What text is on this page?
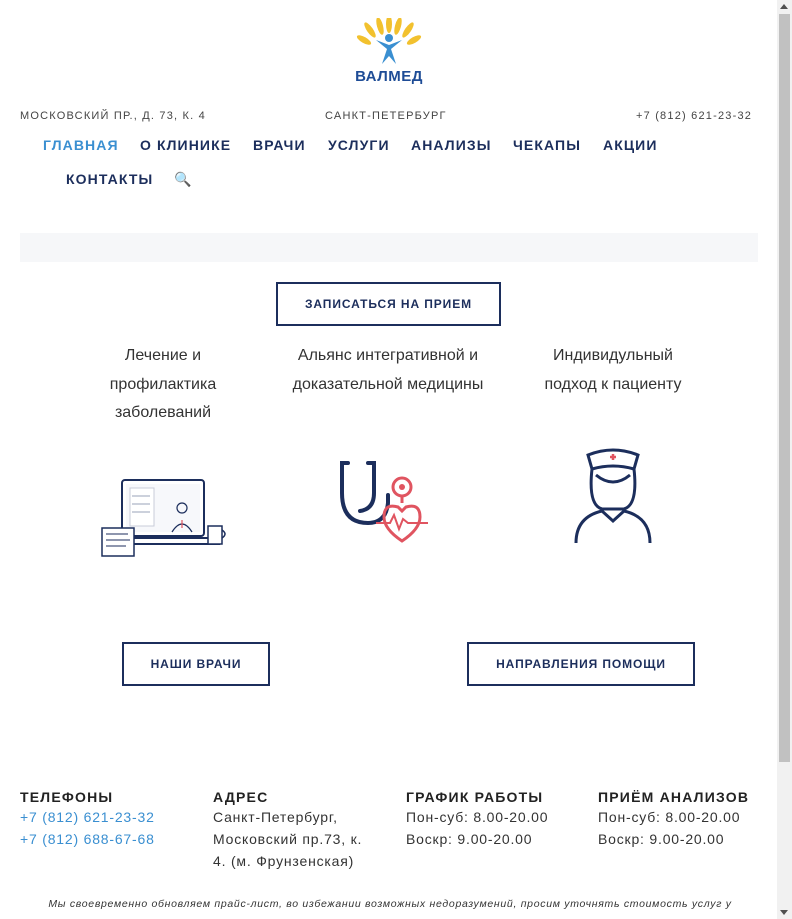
ВАЛМЕД
МОСКОВСКИЙ ПР., Д. 73, К. 4	САНКТ-ПЕТЕРБУРГ	+7 (812) 621-23-32
ГЛАВНАЯ О КЛИНИКЕ ВРАЧИ УСЛУГИ АНАЛИЗЫ ЧЕКАПЫ АКЦИИ
КОНТАКТЫ 🔍
ЗАПИСАТЬСЯ НА ПРИЕМ
Лечение и
профилактика
заболеваний
Альянс интегративной и
доказательной медицины
Индивидульный
подход к пациенту
НАШИ ВРАЧИ	НАПРАВЛЕНИЯ ПОМОЩИ
ТЕЛЕФОНЫ
+7 (812) 621-23-32
+7 (812) 688-67-68
АДРЕС
Санкт-Петербург,
Московский пр.73, к.
4. (м. Фрунзенская)
ГРАФИК РАБОТЫ
Пон-суб: 8.00-20.00
Воскр: 9.00-20.00
ПРИЁМ АНАЛИЗОВ
Пон-суб: 8.00-20.00
Воскр: 9.00-20.00
Мы своевременно обновляем прайс-лист, во избежании возможных недоразумений, просим уточнять стоимость услуг у
